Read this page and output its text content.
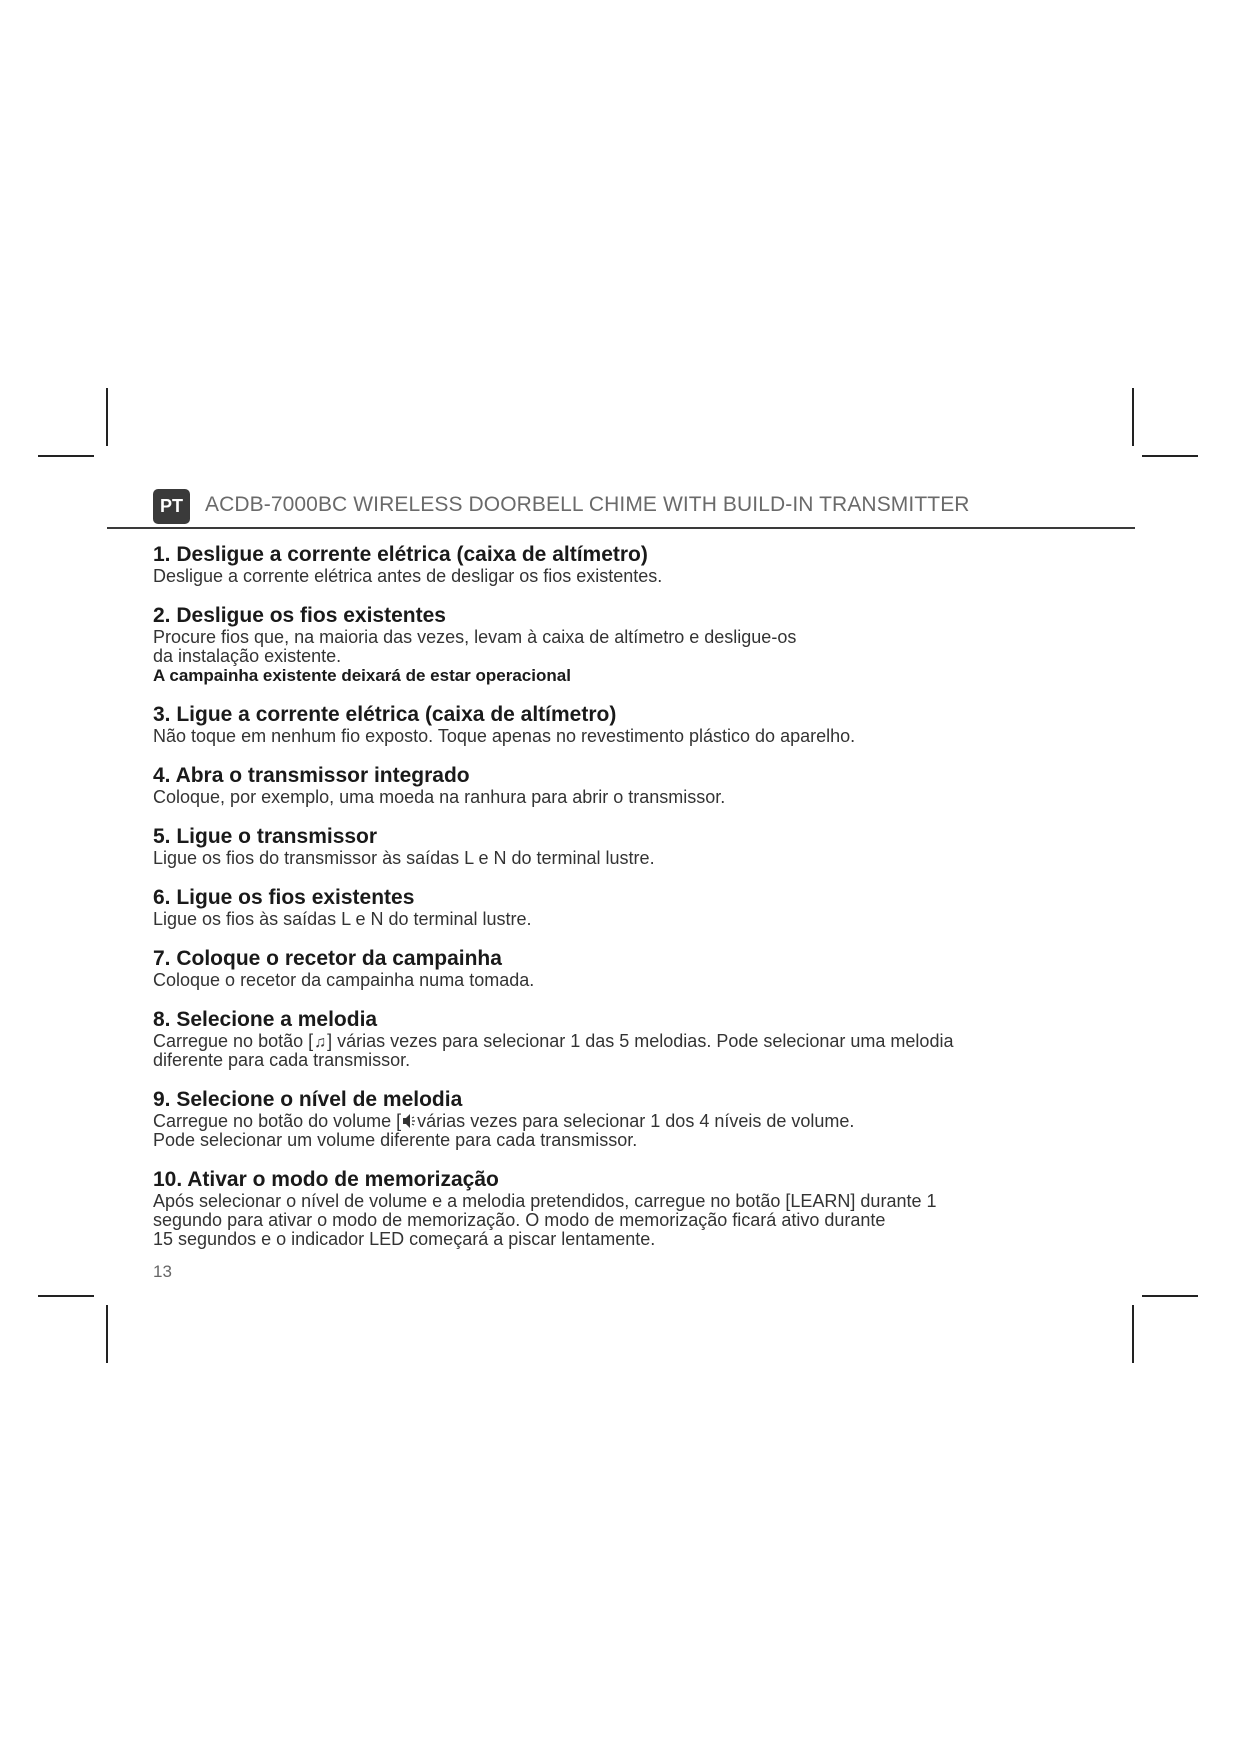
PT	ACDB-7000BC WIRELESS DOORBELL CHIME WITH BUILD-IN TRANSMITTER
1. Desligue a corrente elétrica (caixa de altímetro)

Desligue a corrente elétrica antes de desligar os fios existentes.

2. Desligue os fios existentes

Procure fios que, na maioria das vezes, levam à caixa de altímetro e desligue-os

da instalação existente.

A campainha existente deixará de estar operacional

3. Ligue a corrente elétrica (caixa de altímetro)

Não toque em nenhum fio exposto. Toque apenas no revestimento plástico do aparelho.

4. Abra o transmissor integrado

Coloque, por exemplo, uma moeda na ranhura para abrir o transmissor.

5. Ligue o transmissor

Ligue os fios do transmissor às saídas L e N do terminal lustre.

6. Ligue os fios existentes

Ligue os fios às saídas L e N do terminal lustre.

7. Coloque o recetor da campainha

Coloque o recetor da campainha numa tomada.

8. Selecione a melodia

Carregue no botão [♫] várias vezes para selecionar 1 das 5 melodias. Pode selecionar uma melodia

diferente para cada transmissor.

9. Selecione o nível de melodia

Carregue no botão do volume [ várias vezes para selecionar 1 dos 4 níveis de volume.

Pode selecionar um volume diferente para cada transmissor.

10. Ativar o modo de memorização

Após selecionar o nível de volume e a melodia pretendidos, carregue no botão [LEARN] durante 1

segundo para ativar o modo de memorização. O modo de memorização ficará ativo durante

15 segundos e o indicador LED começará a piscar lentamente.

13
